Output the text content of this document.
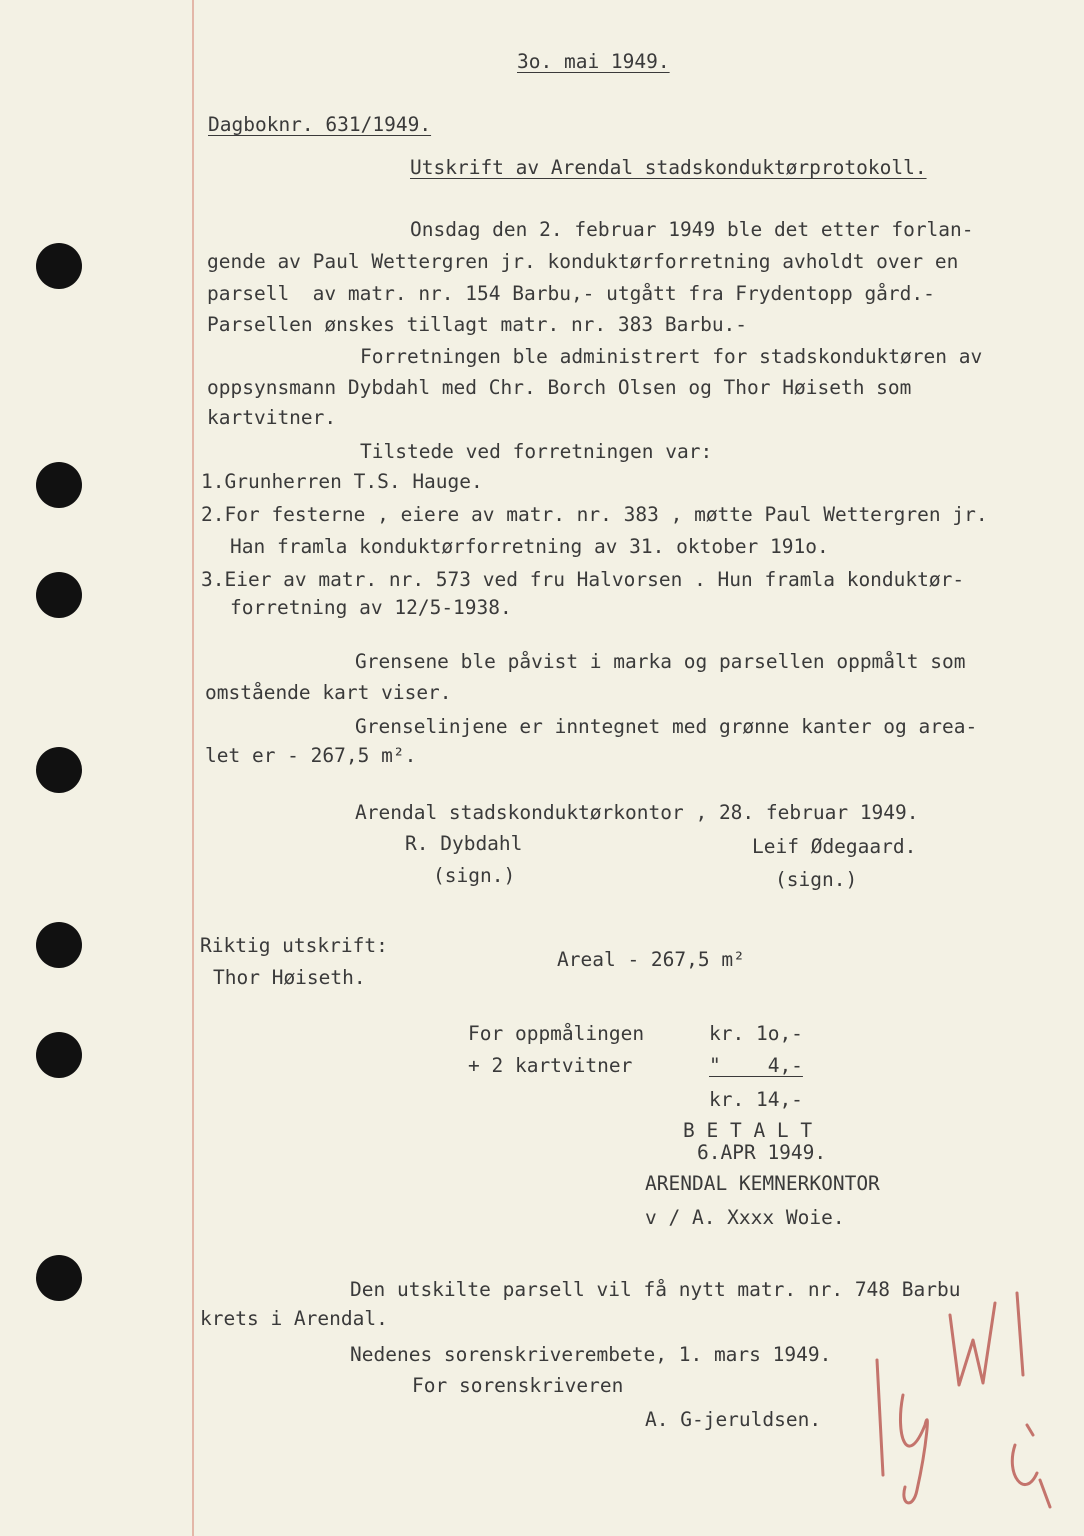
3o. mai 1949.
Dagboknr. 631/1949.
Utskrift av Arendal stadskonduktørprotokoll.
Onsdag den 2. februar 1949 ble det etter forlan-
gende av Paul Wettergren jr. konduktørforretning avholdt over en
parsell  av matr. nr. 154 Barbu,- utgått fra Frydentopp gård.-
Parsellen ønskes tillagt matr. nr. 383 Barbu.-
Forretningen ble administrert for stadskonduktøren av
oppsynsmann Dybdahl med Chr. Borch Olsen og Thor Høiseth som
kartvitner.
Tilstede ved forretningen var:
1.Grunherren T.S. Hauge.
2.For festerne , eiere av matr. nr. 383 , møtte Paul Wettergren jr.
Han framla konduktørforretning av 31. oktober 191o.
3.Eier av matr. nr. 573 ved fru Halvorsen . Hun framla konduktør-
forretning av 12/5-1938.
Grensene ble påvist i marka og parsellen oppmålt som
omstående kart viser.
Grenselinjene er inntegnet med grønne kanter og area-
let er - 267,5 m².
Arendal stadskonduktørkontor , 28. februar 1949.
R. Dybdahl
(sign.)
Leif Ødegaard.
(sign.)
Riktig utskrift:
Thor Høiseth.
Areal - 267,5 m²
For oppmålingen	kr. 1o,-
+ 2 kartvitner	"    4,-
kr. 14,-
B E T A L T
6.APR 1949.
ARENDAL KEMNERKONTOR
v / A. Xxxx Woie.
Den utskilte parsell vil få nytt matr. nr. 748 Barbu
krets i Arendal.
Nedenes sorenskriverembete, 1. mars 1949.
For sorenskriveren
A. G-jeruldsen.
